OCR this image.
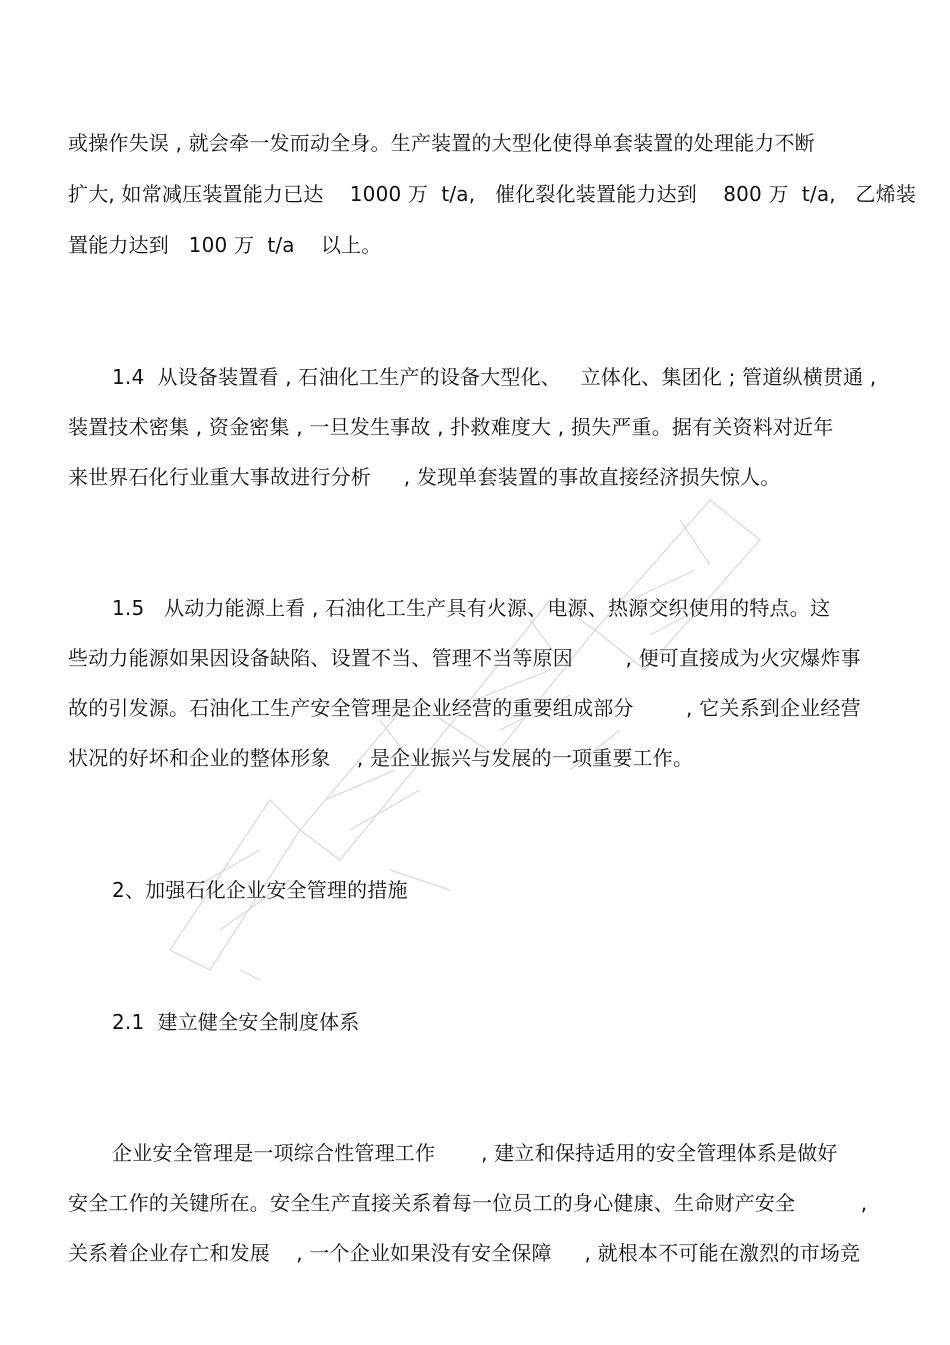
或操作失误 , 就会牵一发而动全身。生产装置的大型化使得单套装置的处理能力不断
扩大, 如常减压装置能力已达    1000 万  t/a,   催化裂化装置能力达到    800 万  t/a,   乙烯装
置能力达到   100 万  t/a    以上。
1.4  从设备装置看 , 石油化工生产的设备大型化、   立体化、集团化 ; 管道纵横贯通 ,
装置技术密集 , 资金密集 , 一旦发生事故 , 扑救难度大 , 损失严重。据有关资料对近年
来世界石化行业重大事故进行分析     , 发现单套装置的事故直接经济损失惊人。
1.5   从动力能源上看 , 石油化工生产具有火源、电源、热源交织使用的特点。这
些动力能源如果因设备缺陷、设置不当、管理不当等原因        , 便可直接成为火灾爆炸事
故的引发源。石油化工生产安全管理是企业经营的重要组成部分        , 它关系到企业经营
状况的好坏和企业的整体形象    , 是企业振兴与发展的一项重要工作。
2、加强石化企业安全管理的措施
2.1  建立健全安全制度体系
企业安全管理是一项综合性管理工作       , 建立和保持适用的安全管理体系是做好
安全工作的关键所在。安全生产直接关系着每一位员工的身心健康、生命财产安全          ,
关系着企业存亡和发展    , 一个企业如果没有安全保障     , 就根本不可能在激烈的市场竞
